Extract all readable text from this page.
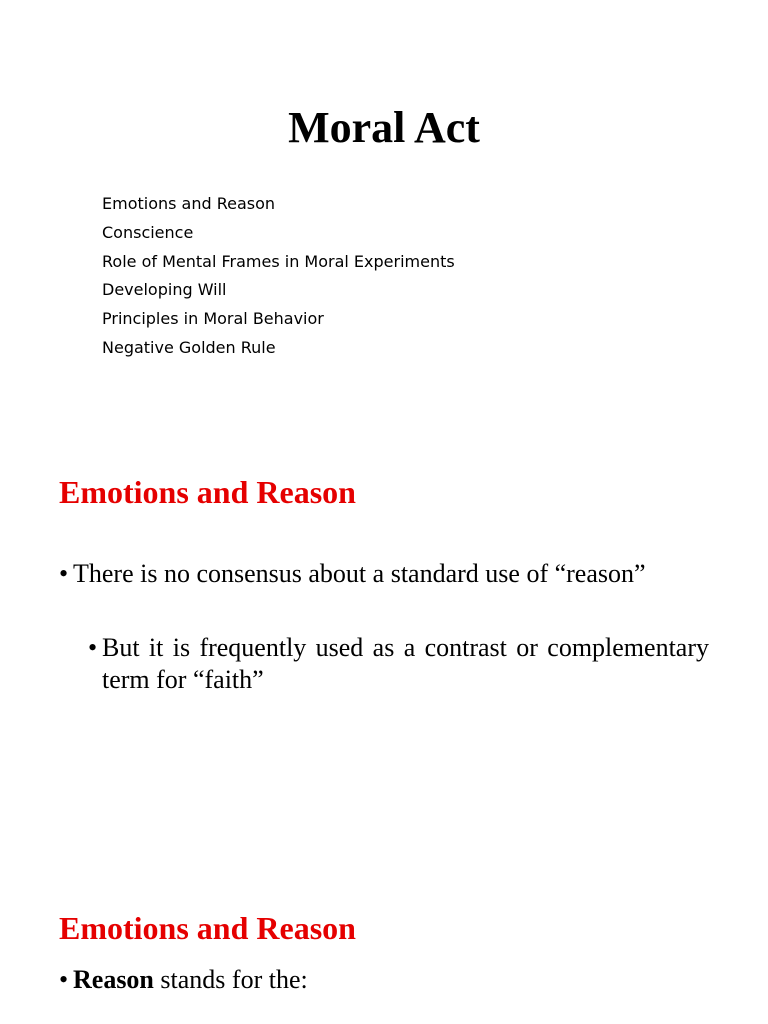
Moral Act
Emotions and Reason
Conscience
Role of Mental Frames in Moral Experiments
Developing Will
Principles in Moral Behavior
Negative Golden Rule
Emotions and Reason
• There is no consensus about a standard use of “reason”
• But it is frequently used as a contrast or complementary term for “faith”
Emotions and Reason
• Reason stands for the:
